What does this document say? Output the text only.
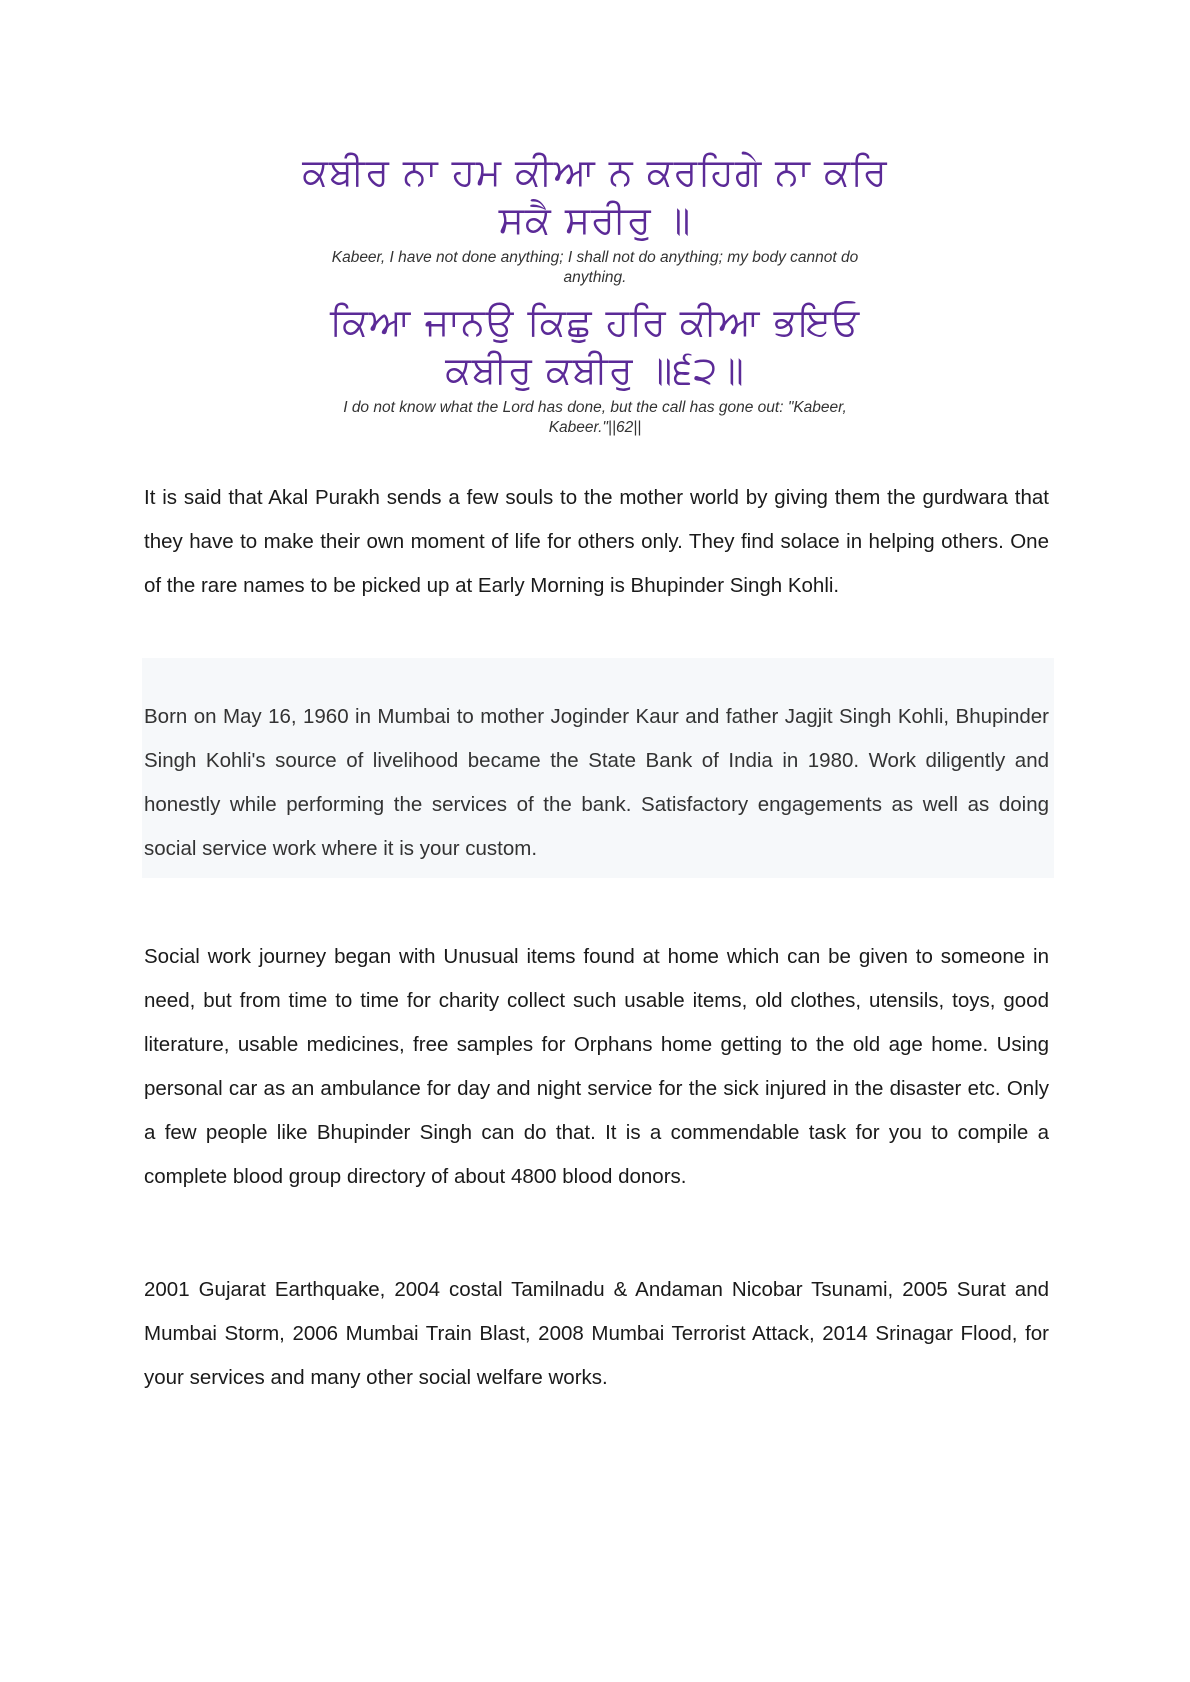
ਕਬੀਰ ਨਾ ਹਮ ਕੀਆ ਨ ਕਰਹਿਗੇ ਨਾ ਕਰਿ ਸਕੈ ਸਰੀਰੁ ॥
Kabeer, I have not done anything; I shall not do anything; my body cannot do anything.
ਕਿਆ ਜਾਨਉ ਕਿਛੁ ਹਰਿ ਕੀਆ ਭਇਓ ਕਬੀਰੁ ਕਬੀਰੁ ॥੬੨॥
I do not know what the Lord has done, but the call has gone out: "Kabeer, Kabeer."||62||

It is said that Akal Purakh sends a few souls to the mother world by giving them the gurdwara that they have to make their own moment of life for others only. They find solace in helping others. One of the rare names to be picked up at Early Morning is Bhupinder Singh Kohli.

Born on May 16, 1960 in Mumbai to mother Joginder Kaur and father Jagjit Singh Kohli, Bhupinder Singh Kohli's source of livelihood became the State Bank of India in 1980. Work diligently and honestly while performing the services of the bank. Satisfactory engagements as well as doing social service work where it is your custom.

Social work journey began with Unusual items found at home which can be given to someone in need, but from time to time for charity collect such usable items, old clothes, utensils, toys, good literature, usable medicines, free samples for Orphans home getting to the old age home. Using personal car as an ambulance for day and night service for the sick injured in the disaster etc. Only a few people like Bhupinder Singh can do that. It is a commendable task for you to compile a complete blood group directory of about 4800 blood donors.

2001 Gujarat Earthquake, 2004 costal Tamilnadu & Andaman Nicobar Tsunami, 2005 Surat and Mumbai Storm, 2006 Mumbai Train Blast, 2008 Mumbai Terrorist Attack, 2014 Srinagar Flood, for your services and many other social welfare works.
